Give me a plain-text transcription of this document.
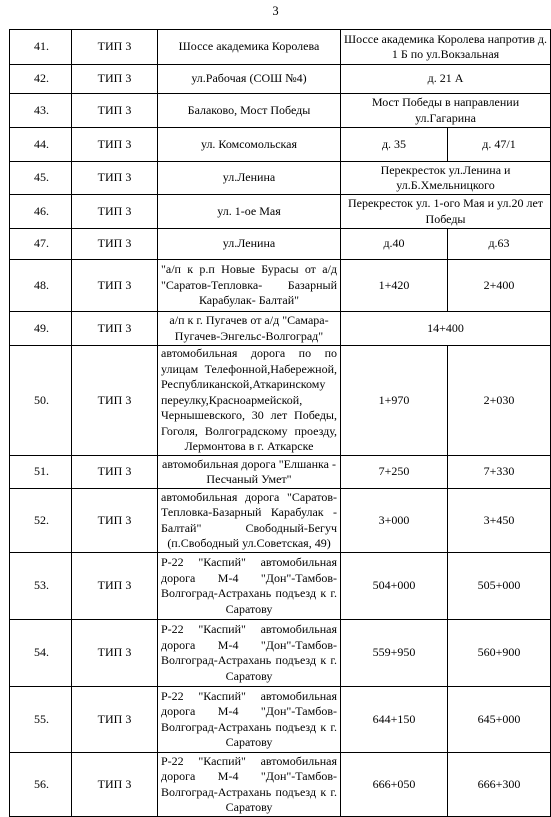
3
41.	ТИП 3	Шоссе академика Королева	Шоссе академика Королева напротив д. 1 Б по ул.Вокзальная	
42.	ТИП 3	ул.Рабочая (СОШ №4)	д. 21 А	
43.	ТИП 3	Балаково, Мост Победы	Мост Победы в направлении ул.Гагарина	
44.	ТИП 3	ул. Комсомольская	д. 35	д. 47/1
45.	ТИП 3	ул.Ленина	Перекресток ул.Ленина и ул.Б.Хмельницкого	
46.	ТИП 3	ул. 1-ое Мая	Перекресток ул. 1-ого Мая и ул.20 лет Победы	
47.	ТИП 3	ул.Ленина	д.40	д.63
48.	ТИП 3	"а/п к р.п Новые Бурасы от а/д "Саратов-Тепловка- Базарный Карабулак- Балтай"	1+420	2+400
49.	ТИП 3	а/п к г. Пугачев от а/д "Самара-Пугачев-Энгельс-Волгоград"	14+400	
50.	ТИП 3	автомобильная дорога по по улицам Телефонной,Набережной, Республиканской,Аткаринскому переулку,Красноармейской, Чернышевского, 30 лет Победы, Гоголя, Волгоградскому проезду, Лермонтова в г. Аткарске	1+970	2+030
51.	ТИП 3	автомобильная дорога "Елшанка - Песчаный Умет"	7+250	7+330
52.	ТИП 3	автомобильная дорога "Саратов-Тепловка-Базарный Карабулак - Балтай" Свободный-Бегуч (п.Свободный ул.Советская, 49)	3+000	3+450
53.	ТИП 3	Р-22 "Каспий" автомобильная дорога М-4 "Дон"-Тамбов-Волгоград-Астрахань подъезд к г. Саратову	504+000	505+000
54.	ТИП 3	Р-22 "Каспий" автомобильная дорога М-4 "Дон"-Тамбов-Волгоград-Астрахань подъезд к г. Саратову	559+950	560+900
55.	ТИП 3	Р-22 "Каспий" автомобильная дорога М-4 "Дон"-Тамбов-Волгоград-Астрахань подъезд к г. Саратову	644+150	645+000
56.	ТИП 3	Р-22 "Каспий" автомобильная дорога М-4 "Дон"-Тамбов-Волгоград-Астрахань подъезд к г. Саратову	666+050	666+300
